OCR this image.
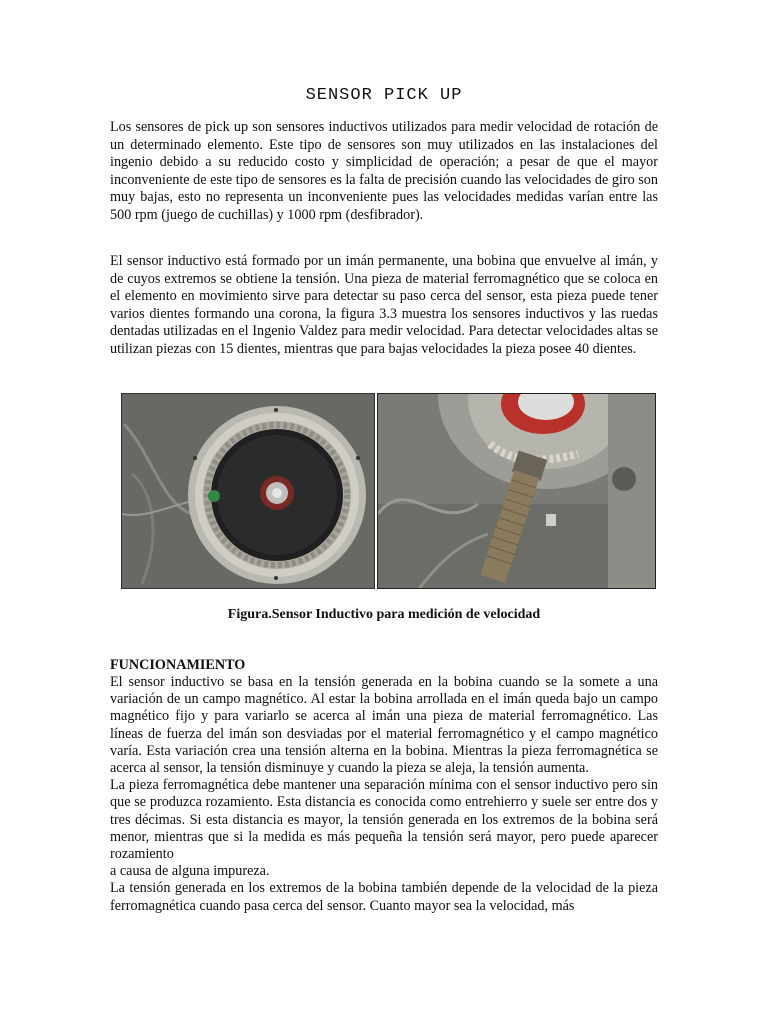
SENSOR PICK UP

Los sensores de pick up son sensores inductivos utilizados para medir velocidad de rotación de un determinado elemento. Este tipo de sensores son muy utilizados en las instalaciones del ingenio debido a su reducido costo y simplicidad de operación; a pesar de que el mayor inconveniente de este tipo de sensores es la falta de precisión cuando las velocidades de giro son muy bajas, esto no representa un inconveniente pues las velocidades medidas varían entre las 500 rpm (juego de cuchillas) y 1000 rpm (desfibrador).

El sensor inductivo está formado por un imán permanente, una bobina que envuelve al imán, y de cuyos extremos se obtiene la tensión. Una pieza de material ferromagnético que se coloca en el elemento en movimiento sirve para detectar su paso cerca del sensor, esta pieza puede tener varios dientes formando una corona, la figura 3.3 muestra los sensores inductivos y las ruedas dentadas utilizadas en el Ingenio Valdez para medir velocidad. Para detectar velocidades altas se utilizan piezas con 15 dientes, mientras que para bajas velocidades la pieza posee 40 dientes.

Figura.Sensor Inductivo para medición de velocidad

FUNCIONAMIENTO

El sensor inductivo se basa en la tensión generada en la bobina cuando se la somete a una variación de un campo magnético. Al estar la bobina arrollada en el imán queda bajo un campo magnético fijo y para variarlo se acerca al imán una pieza de material ferromagnético. Las líneas de fuerza del imán son desviadas por el material ferromagnético y el campo magnético varía. Esta variación crea una tensión alterna en la bobina. Mientras la pieza ferromagnética se acerca al sensor, la tensión disminuye y cuando la pieza se aleja, la tensión aumenta.

La pieza ferromagnética debe mantener una separación mínima con el sensor inductivo pero sin que se produzca rozamiento. Esta distancia es conocida como entrehierro y suele ser entre dos y tres décimas. Si esta distancia es mayor, la tensión generada en los extremos de la bobina será menor, mientras que si la medida es más pequeña la tensión será mayor, pero puede aparecer rozamiento

a causa de alguna impureza.

La tensión generada en los extremos de la bobina también depende de la velocidad de la pieza ferromagnética cuando pasa cerca del sensor. Cuanto mayor sea la velocidad, más
